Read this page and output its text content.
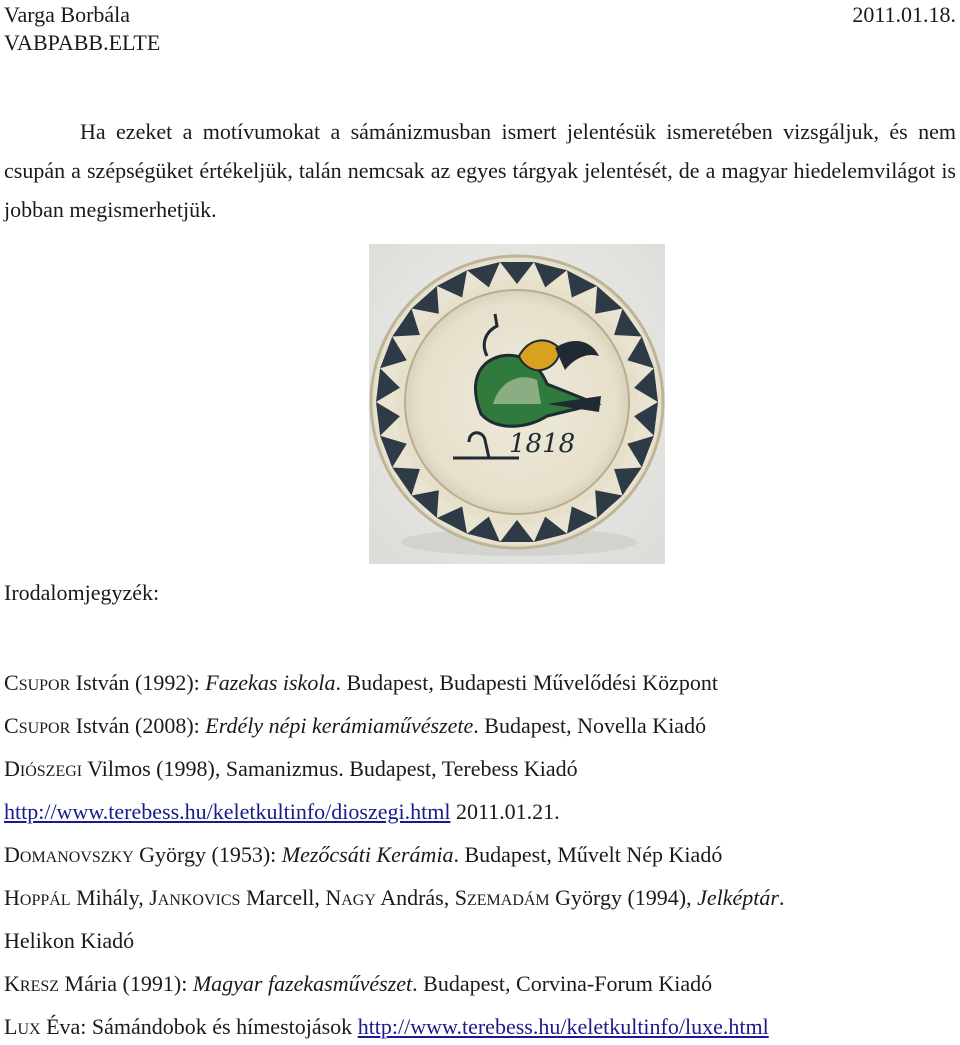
Varga Borbála	2011.01.18.
VABPABB.ELTE

Ha ezeket a motívumokat a sámánizmusban ismert jelentésük ismeretében vizsgáljuk, és nem csupán a szépségüket értékeljük, talán nemcsak az egyes tárgyak jelentését, de a magyar hiedelemvilágot is jobban megismerhetjük.

1818
Irodalomjegyzék:
CSUPOR István (1992): Fazekas iskola. Budapest, Budapesti Művelődési Központ
CSUPOR István (2008): Erdély népi kerámiaművészete. Budapest, Novella Kiadó
DIÓSZEGI Vilmos (1998), Samanizmus. Budapest, Terebess Kiadó
http://www.terebess.hu/keletkultinfo/dioszegi.html 2011.01.21.
DOMANOVSZKY György (1953): Mezőcsáti Kerámia. Budapest, Művelt Nép Kiadó
HOPPÁL Mihály, JANKOVICS Marcell, NAGY András, SZEMADÁM György (1994), Jelképtár.
Helikon Kiadó
KRESZ Mária (1991): Magyar fazekasművészet. Budapest, Corvina-Forum Kiadó
LUX Éva: Sámándobok és hímestojások http://www.terebess.hu/keletkultinfo/luxe.html
